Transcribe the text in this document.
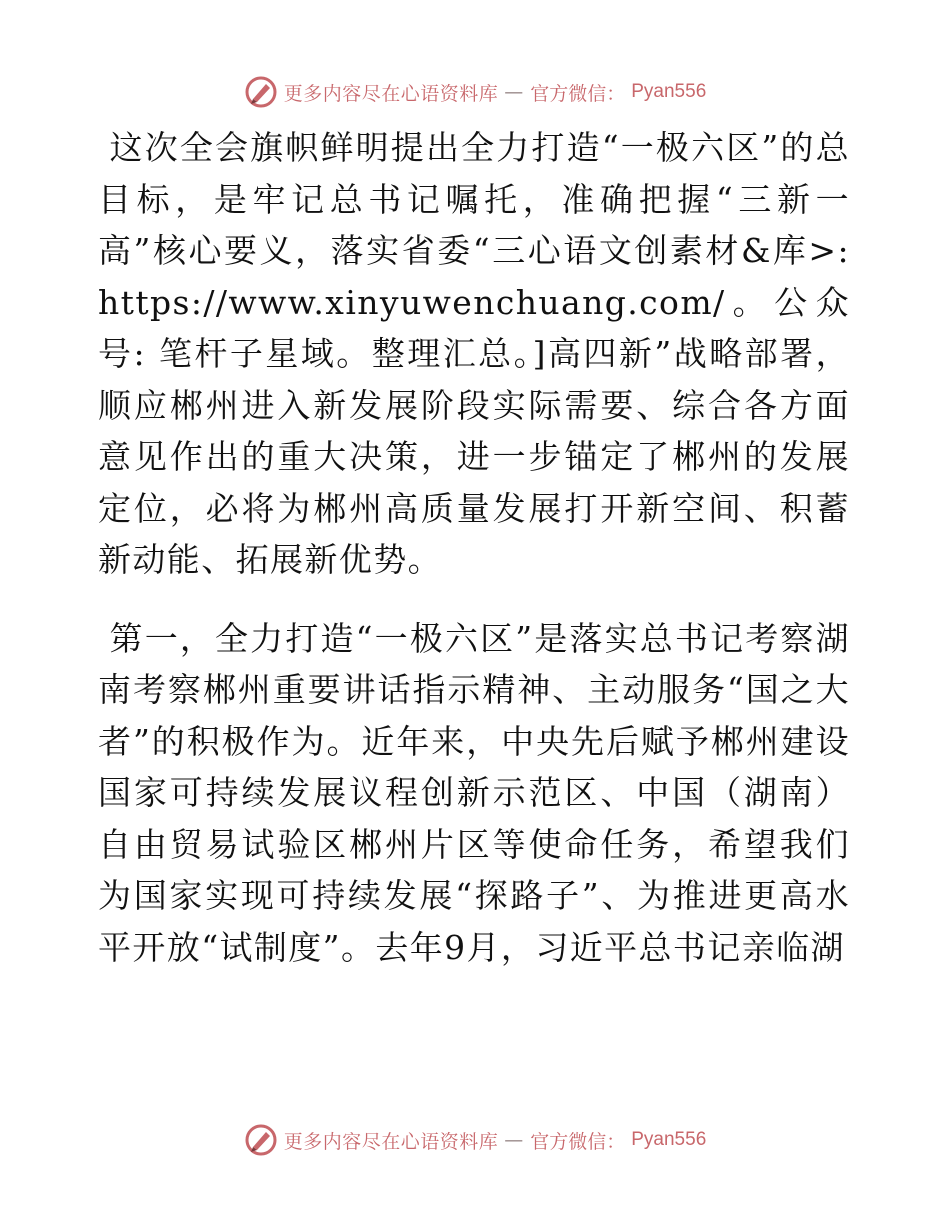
更多内容尽在心语资料库 — 官方微信： Pyan556

这次全会旗帜鲜明提出全力打造“一极六区”的总目标，是牢记总书记嘱托，准确把握“三新一高”核心要义，落实省委“三心语文创素材&库>: https://www.xinyuwenchuang.com/。公众号: 笔杆子星域。整理汇总。]高四新”战略部署，顺应郴州进入新发展阶段实际需要、综合各方面意见作出的重大决策，进一步锚定了郴州的发展定位，必将为郴州高质量发展打开新空间、积蓄新动能、拓展新优势。

第一，全力打造“一极六区”是落实总书记考察湖南考察郴州重要讲话指示精神、主动服务“国之大者”的积极作为。近年来，中央先后赋予郴州建设国家可持续发展议程创新示范区、中国（湖南）自由贸易试验区郴州片区等使命任务，希望我们为国家实现可持续发展“探路子”、为推进更高水平开放“试制度”。去年9月，习近平总书记亲临湖

更多内容尽在心语资料库 — 官方微信： Pyan556
